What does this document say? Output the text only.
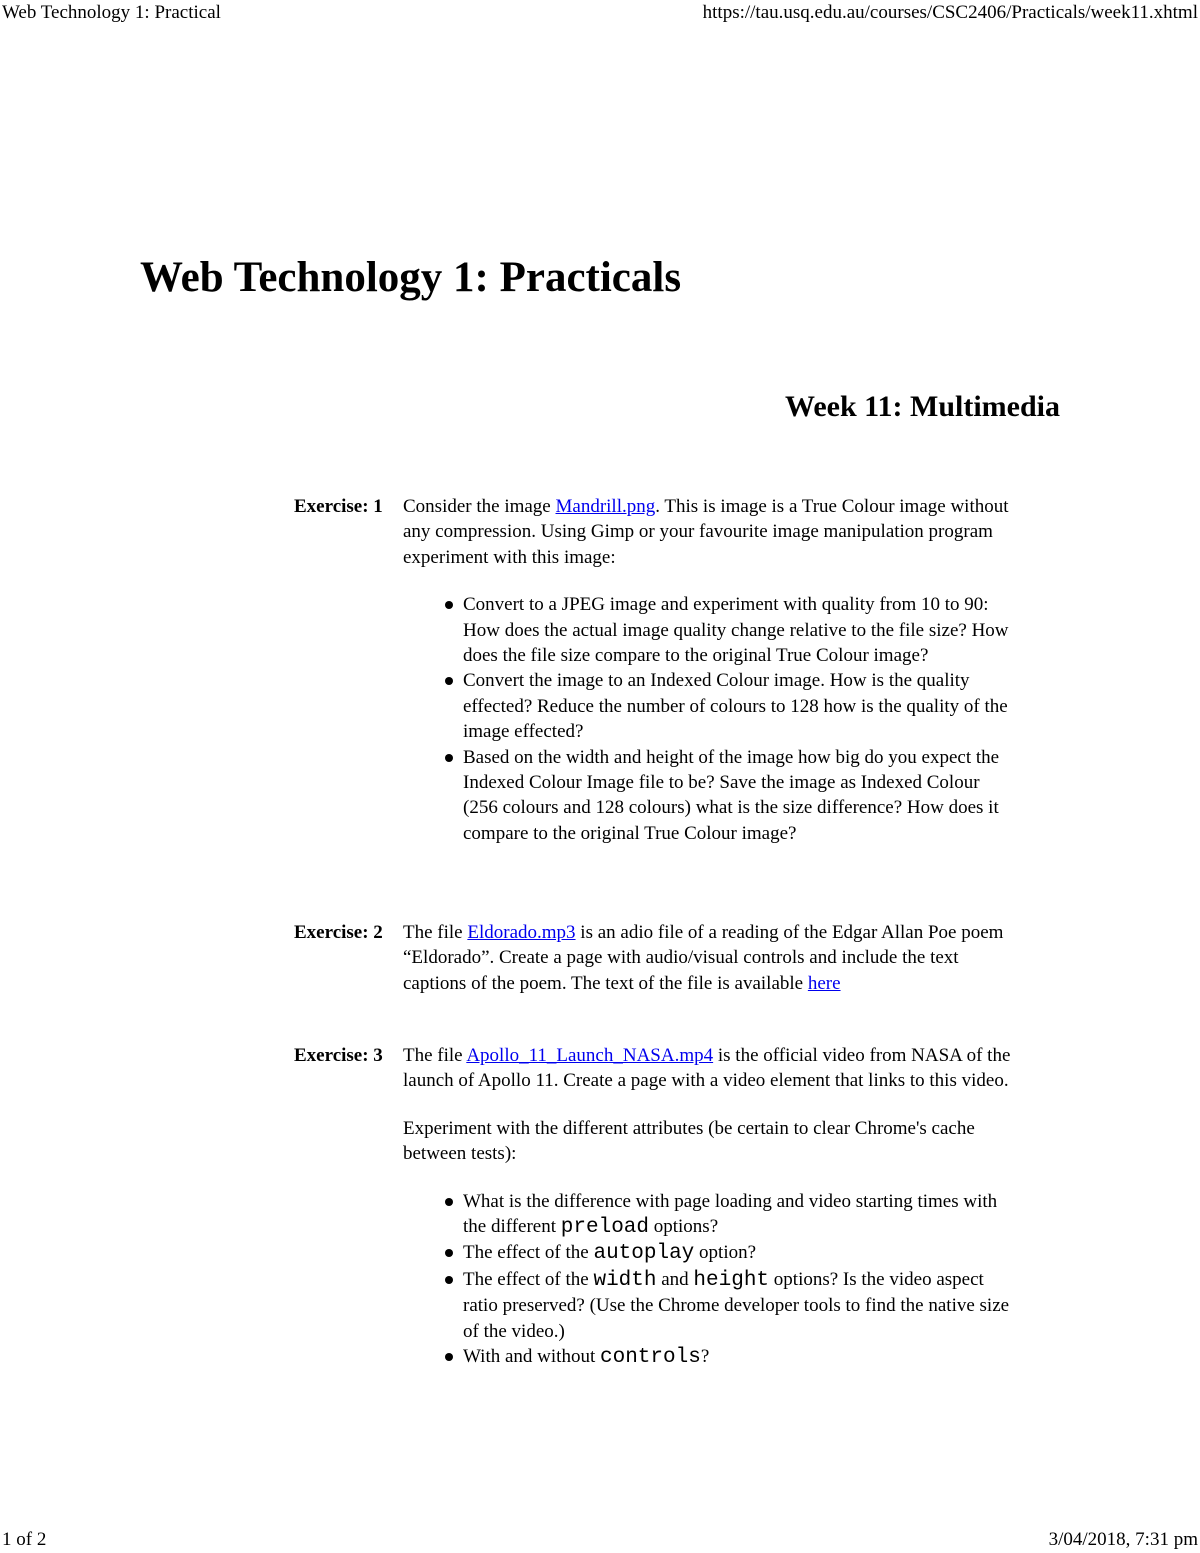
Web Technology 1: Practical	https://tau.usq.edu.au/courses/CSC2406/Practicals/week11.xhtml
Web Technology 1: Practicals
Week 11: Multimedia
Exercise: 1	Consider the image Mandrill.png. This is image is a True Colour image without any compression. Using Gimp or your favourite image manipulation program experiment with this image:

Convert to a JPEG image and experiment with quality from 10 to 90: How does the actual image quality change relative to the file size? How does the file size compare to the original True Colour image?
Convert the image to an Indexed Colour image. How is the quality effected? Reduce the number of colours to 128 how is the quality of the image effected?
Based on the width and height of the image how big do you expect the Indexed Colour Image file to be? Save the image as Indexed Colour (256 colours and 128 colours) what is the size difference? How does it compare to the original True Colour image?
Exercise: 2	The file Eldorado.mp3 is an adio file of a reading of the Edgar Allan Poe poem “Eldorado”. Create a page with audio/visual controls and include the text captions of the poem. The text of the file is available here

Exercise: 3	The file Apollo_11_Launch_NASA.mp4 is the official video from NASA of the launch of Apollo 11. Create a page with a video element that links to this video.

Experiment with the different attributes (be certain to clear Chrome's cache between tests):

What is the difference with page loading and video starting times with the different preload options?
The effect of the autoplay option?
The effect of the width and height options? Is the video aspect ratio preserved? (Use the Chrome developer tools to find the native size of the video.)
With and without controls?
1 of 2	3/04/2018, 7:31 pm
